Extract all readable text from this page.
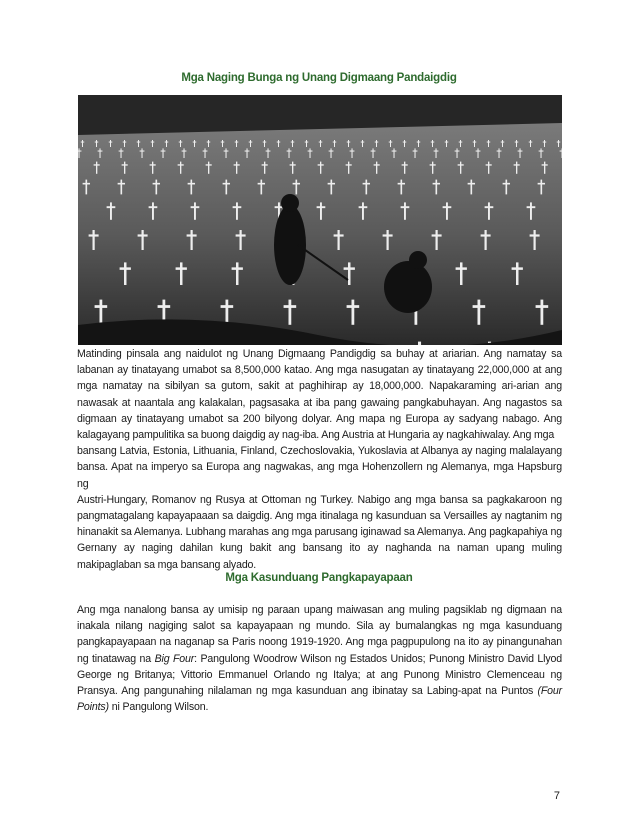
Mga Naging Bunga ng Unang Digmaang Pandaigdig
Matinding pinsala ang naidulot ng Unang Digmaang Pandigdig sa buhay at ariarian. Ang namatay sa
labanan ay tinatayang umabot sa 8,500,000 katao. Ang mga nasugatan ay tinatayang 22,000,000 at ang
mga namatay na sibilyan sa gutom, sakit at paghihirap ay 18,000,000. Napakaraming ari-arian ang
nawasak at naantala ang kalakalan, pagsasaka at iba pang gawaing pangkabuhayan. Ang nagastos sa
digmaan ay tinatayang umabot sa 200 bilyong dolyar. Ang mapa ng Europa ay sadyang nabago. Ang
kalagayang pampulitika sa buong daigdig ay nag-iba. Ang Austria at Hungaria ay nagkahiwalay. Ang mga
bansang Latvia, Estonia, Lithuania, Finland, Czechoslovakia, Yukoslavia at Albanya ay naging malalayang
bansa. Apat na imperyo sa Europa ang nagwakas, ang mga Hohenzollern ng Alemanya, mga Hapsburg ng
Austri-Hungary, Romanov ng Rusya at Ottoman ng Turkey. Nabigo ang mga bansa sa pagkakaroon ng
pangmatagalang kapayapaaan sa daigdig. Ang mga itinalaga ng kasunduan sa Versailles ay nagtanim ng
hinanakit sa Alemanya. Lubhang marahas ang mga parusang iginawad sa Alemanya. Ang pagkapahiya ng
Gernany ay naging dahilan kung bakit ang bansang ito ay naghanda na naman upang muling
makipaglaban sa mga bansang alyado.
Mga Kasunduang Pangkapayapaan
Ang mga nanalong bansa ay umisip ng paraan upang maiwasan ang muling pagsiklab ng digmaan na
inakala nilang nagiging salot sa kapayapaan ng mundo. Sila ay bumalangkas ng mga kasunduang
pangkapayapaan na naganap sa Paris noong 1919-1920. Ang mga pagpupulong na ito ay pinangunahan
ng tinatawag na Big Four: Pangulong Woodrow Wilson ng Estados Unidos; Punong Ministro David Llyod
George ng Britanya; Vittorio Emmanuel Orlando ng Italya; at ang Punong Ministro Clemenceau ng
Pransya. Ang pangunahing nilalaman ng mga kasunduan ang ibinatay sa Labing-apat na Puntos (Four
Points) ni Pangulong Wilson.
7
